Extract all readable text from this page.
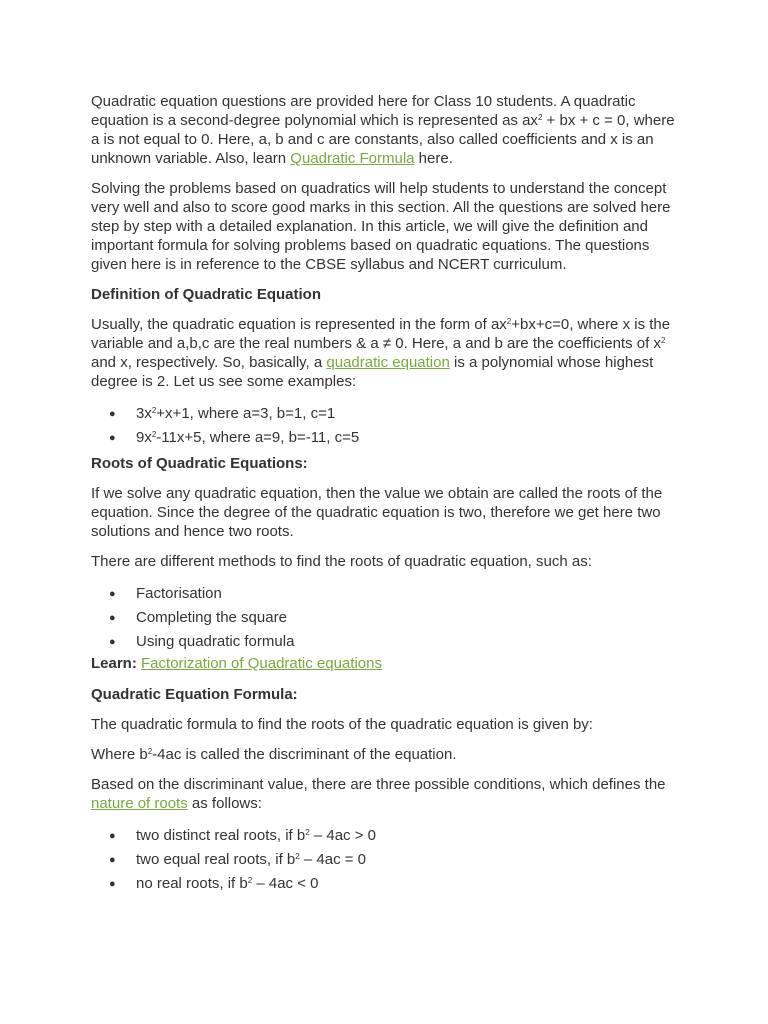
Quadratic equation questions are provided here for Class 10 students. A quadratic equation is a second-degree polynomial which is represented as $ax^2$ + bx + c = 0, where a is not equal to 0. Here, a, b and c are constants, also called coefficients and x is an unknown variable. Also, learn Quadratic Formula here.

Solving the problems based on quadratics will help students to understand the concept very well and also to score good marks in this section. All the questions are solved here step by step with a detailed explanation. In this article, we will give the definition and important formula for solving problems based on quadratic equations. The questions given here is in reference to the CBSE syllabus and NCERT curriculum.

Definition of Quadratic Equation

Usually, the quadratic equation is represented in the form of $ax^2+bx+c=0$, where x is the variable and a,b,c are the real numbers & a ≠ 0. Here, a and b are the coefficients of $x^2$ and x, respectively. So, basically, a quadratic equation is a polynomial whose highest degree is 2. Let us see some examples:

● $3x^2+x+1$, where a=3, b=1, c=1
● $9x^2-11x+5$, where a=9, b=-11, c=5

Roots of Quadratic Equations:

If we solve any quadratic equation, then the value we obtain are called the roots of the equation. Since the degree of the quadratic equation is two, therefore we get here two solutions and hence two roots.

There are different methods to find the roots of quadratic equation, such as:

● Factorisation
● Completing the square
● Using quadratic formula

Learn: Factorization of Quadratic equations

Quadratic Equation Formula:

The quadratic formula to find the roots of the quadratic equation is given by:

Where $b^2-4ac$ is called the discriminant of the equation.

Based on the discriminant value, there are three possible conditions, which defines the nature of roots as follows:

● two distinct real roots, if $b^2 - 4ac > 0$
● two equal real roots, if $b^2 - 4ac = 0$
● no real roots, if $b^2 - 4ac < 0$
